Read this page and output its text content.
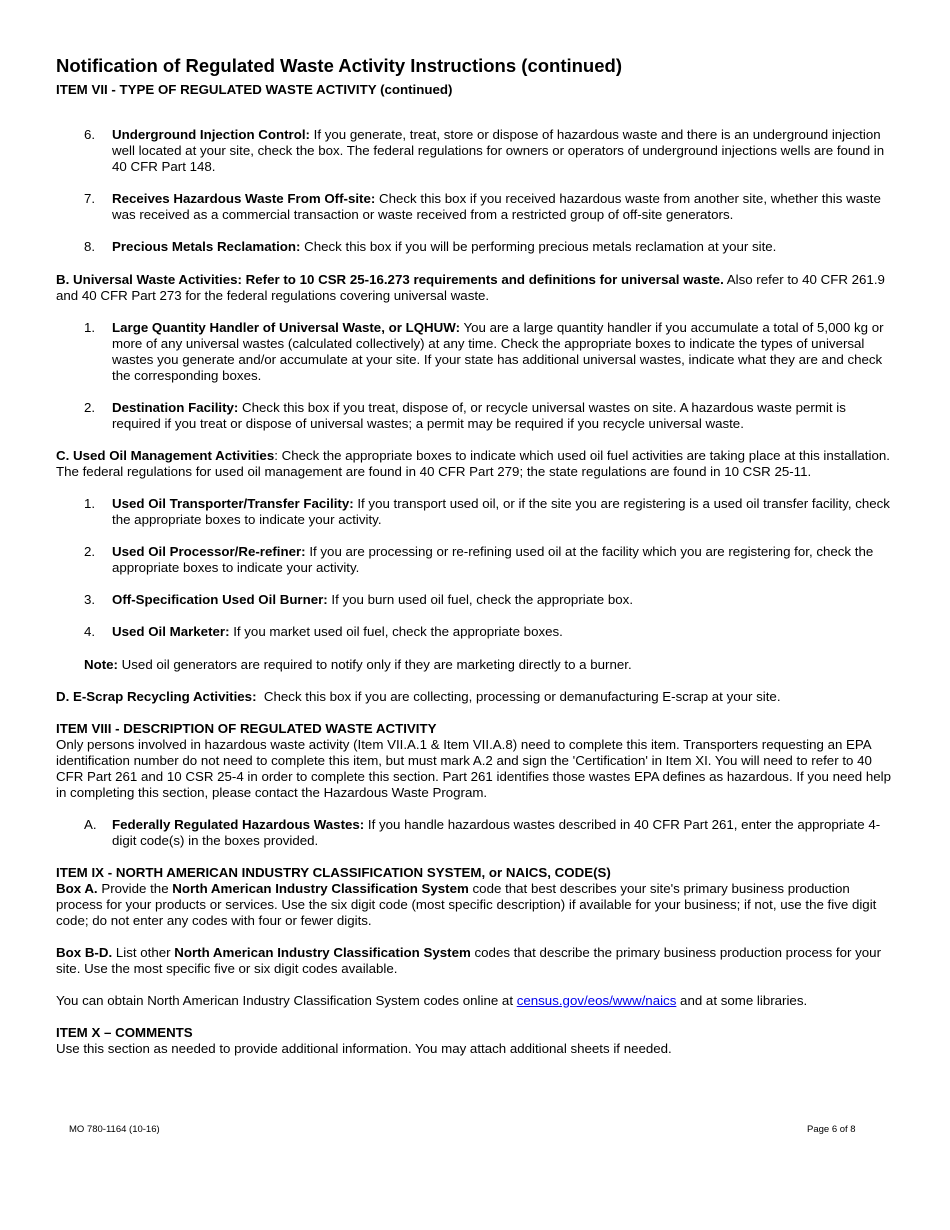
Notification of Regulated Waste Activity Instructions (continued)
ITEM VII - TYPE OF REGULATED WASTE ACTIVITY (continued)
6. Underground Injection Control: If you generate, treat, store or dispose of hazardous waste and there is an underground injection well located at your site, check the box. The federal regulations for owners or operators of underground injections wells are found in 40 CFR Part 148.

7. Receives Hazardous Waste From Off-site: Check this box if you received hazardous waste from another site, whether this waste was received as a commercial transaction or waste received from a restricted group of off-site generators.

8. Precious Metals Reclamation: Check this box if you will be performing precious metals reclamation at your site.

B. Universal Waste Activities: Refer to 10 CSR 25-16.273 requirements and definitions for universal waste. Also refer to 40 CFR 261.9 and 40 CFR Part 273 for the federal regulations covering universal waste.

1. Large Quantity Handler of Universal Waste, or LQHUW: You are a large quantity handler if you accumulate a total of 5,000 kg or more of any universal wastes (calculated collectively) at any time. Check the appropriate boxes to indicate the types of universal wastes you generate and/or accumulate at your site. If your state has additional universal wastes, indicate what they are and check the corresponding boxes.

2. Destination Facility: Check this box if you treat, dispose of, or recycle universal wastes on site. A hazardous waste permit is required if you treat or dispose of universal wastes; a permit may be required if you recycle universal waste.

C. Used Oil Management Activities: Check the appropriate boxes to indicate which used oil fuel activities are taking place at this installation. The federal regulations for used oil management are found in 40 CFR Part 279; the state regulations are found in 10 CSR 25-11.

1. Used Oil Transporter/Transfer Facility: If you transport used oil, or if the site you are registering is a used oil transfer facility, check the appropriate boxes to indicate your activity.

2. Used Oil Processor/Re-refiner: If you are processing or re-refining used oil at the facility which you are registering for, check the appropriate boxes to indicate your activity.

3. Off-Specification Used Oil Burner: If you burn used oil fuel, check the appropriate box.

4. Used Oil Marketer: If you market used oil fuel, check the appropriate boxes.

Note: Used oil generators are required to notify only if they are marketing directly to a burner.

D. E-Scrap Recycling Activities:  Check this box if you are collecting, processing or demanufacturing E-scrap at your site.

ITEM VIII - DESCRIPTION OF REGULATED WASTE ACTIVITY

Only persons involved in hazardous waste activity (Item VII.A.1 & Item VII.A.8) need to complete this item. Transporters requesting an EPA identification number do not need to complete this item, but must mark A.2 and sign the 'Certification' in Item XI. You will need to refer to 40 CFR Part 261 and 10 CSR 25-4 in order to complete this section. Part 261 identifies those wastes EPA defines as hazardous. If you need help in completing this section, please contact the Hazardous Waste Program.

A. Federally Regulated Hazardous Wastes: If you handle hazardous wastes described in 40 CFR Part 261, enter the appropriate 4-digit code(s) in the boxes provided.

ITEM IX - NORTH AMERICAN INDUSTRY CLASSIFICATION SYSTEM, or NAICS, CODE(S)

Box A. Provide the North American Industry Classification System code that best describes your site's primary business production process for your products or services. Use the six digit code (most specific description) if available for your business; if not, use the five digit code; do not enter any codes with four or fewer digits.

Box B-D. List other North American Industry Classification System codes that describe the primary business production process for your site. Use the most specific five or six digit codes available.

You can obtain North American Industry Classification System codes online at census.gov/eos/www/naics and at some libraries.

ITEM X – COMMENTS

Use this section as needed to provide additional information. You may attach additional sheets if needed.

MO 780-1164 (10-16)	Page 6 of 8
